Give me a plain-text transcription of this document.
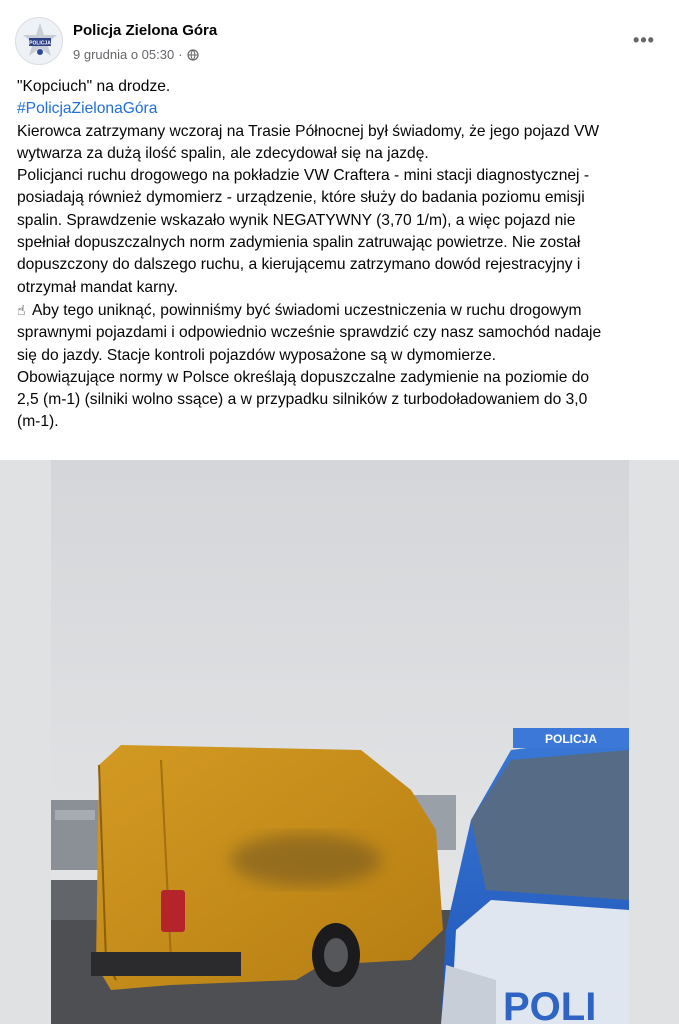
POLICJA
Policja Zielona Góra
9 grudnia o 05:30 ·
•••
"Kopciuch" na drodze.
#PolicjaZielonaGóra
Kierowca zatrzymany wczoraj na Trasie Północnej był świadomy, że jego pojazd VW
wytwarza za dużą ilość spalin, ale zdecydował się na jazdę.
Policjanci ruchu drogowego na pokładzie VW Craftera - mini stacji diagnostycznej -
posiadają również dymomierz - urządzenie, które służy do badania poziomu emisji
spalin. Sprawdzenie wskazało wynik NEGATYWNY (3,70 1/m), a więc pojazd nie
spełniał dopuszczalnych norm zadymienia spalin zatruwając powietrze. Nie został
dopuszczony do dalszego ruchu, a kierującemu zatrzymano dowód rejestracyjny i
otrzymał mandat karny.
☝ Aby tego uniknąć, powinniśmy być świadomi uczestniczenia w ruchu drogowym
sprawnymi pojazdami i odpowiednio wcześnie sprawdzić czy nasz samochód nadaje
się do jazdy. Stacje kontroli pojazdów wyposażone są w dymomierze.
Obowiązujące normy w Polsce określają dopuszczalne zadymienie na poziomie do
2,5 (m-1) (silniki wolno ssące) a w przypadku silników z turbodoładowaniem do 3,0
(m-1).
POLICJA
POLI
